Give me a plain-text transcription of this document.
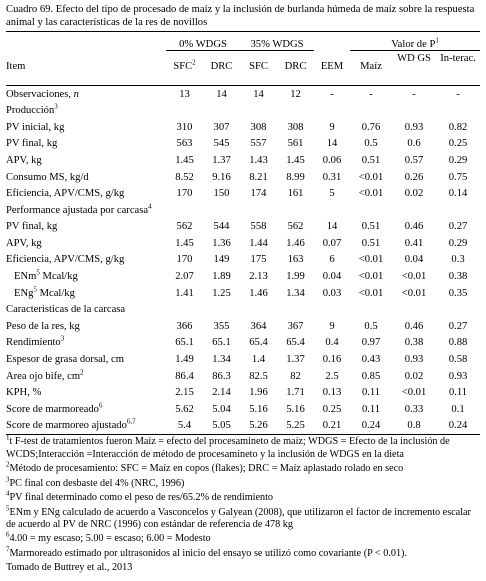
Cuadro 69. Efecto del tipo de procesado de maíz y la inclusión de burlanda húmeda de maíz sobre la respuesta animal y las características de la res de novillos
	0% WDGS		35% WDGS			Valor de $P^1$
Item	SFC$^2$	DRC	SFC	DRC	EEM	Maíz	WD GS	In-terac.
Observaciones, n	13	14	14	12	-	-	-	-
Producción$^3$								
PV inicial, kg	310	307	308	308	9	0.76	0.93	0.82
PV final, kg	563	545	557	561	14	0.5	0.6	0.25
APV, kg	1.45	1.37	1.43	1.45	0.06	0.51	0.57	0.29
Consumo MS, kg/d	8.52	9.16	8.21	8.99	0.31	<0.01	0.26	0.75
Eficiencia, APV/CMS, g/kg	170	150	174	161	5	<0.01	0.02	0.14
Performance ajustada por carcasa$^4$								
PV final, kg	562	544	558	562	14	0.51	0.46	0.27
APV, kg	1.45	1.36	1.44	1.46	0.07	0.51	0.41	0.29
Eficiencia, APV/CMS, g/kg	170	149	175	163	6	<0.01	0.04	0.3
ENm$^5$ Mcal/kg	2.07	1.89	2.13	1.99	0.04	<0.01	<0.01	0.38
ENg$^5$ Mcal/kg	1.41	1.25	1.46	1.34	0.03	<0.01	<0.01	0.35
Características de la carcasa								
Peso de la res, kg	366	355	364	367	9	0.5	0.46	0.27
Rendimiento$^3$	65.1	65.1	65.4	65.4	0.4	0.97	0.38	0.88
Espesor de grasa dorsal, cm	1.49	1.34	1.4	1.37	0.16	0.43	0.93	0.58
Area ojo bife, $cm^2$	86.4	86.3	82.5	82	2.5	0.85	0.02	0.93
KPH, %	2.15	2.14	1.96	1.71	0.13	0.11	<0.01	0.11
Score de marmoreado$^6$	5.62	5.04	5.16	5.16	0.25	0.11	0.33	0.1
Score de marmoreo ajustado$^{6,7}$	5.4	5.05	5.26	5.25	0.21	0.24	0.8	0.24

$^1$t F-test de tratamientos fueron Maíz = efecto del procesamineto de maíz; WDGS = Efecto de la inclusión de WCDS;Interacción =Interacción de método de procesamineto y la inclusión de WDGS en la dieta

$^2$Método de procesamiento: SFC = Maíz en copos (flakes); DRC = Maíz aplastado rolado en seco

$^3$PC final con desbaste del 4% (NRC, 1996)

$^4$PV final determinado como el peso de res/65.2% de rendimiento

$^5$ENm y ENg calculado de acuerdo a Vasconcelos y Galyean (2008), que utilizaron el factor de incremento escalar de acuerdo al PV de NRC (1996) con estándar de referencia de 478 kg

$^6$4.00 = my escaso; 5.00 = escaso; 6.00 = Modesto

$^7$Marmoreado estimado por ultrasonidos al inicio del ensayo se utilizó como covariante (P < 0.01).

Tomado de Buttrey et al., 2013
